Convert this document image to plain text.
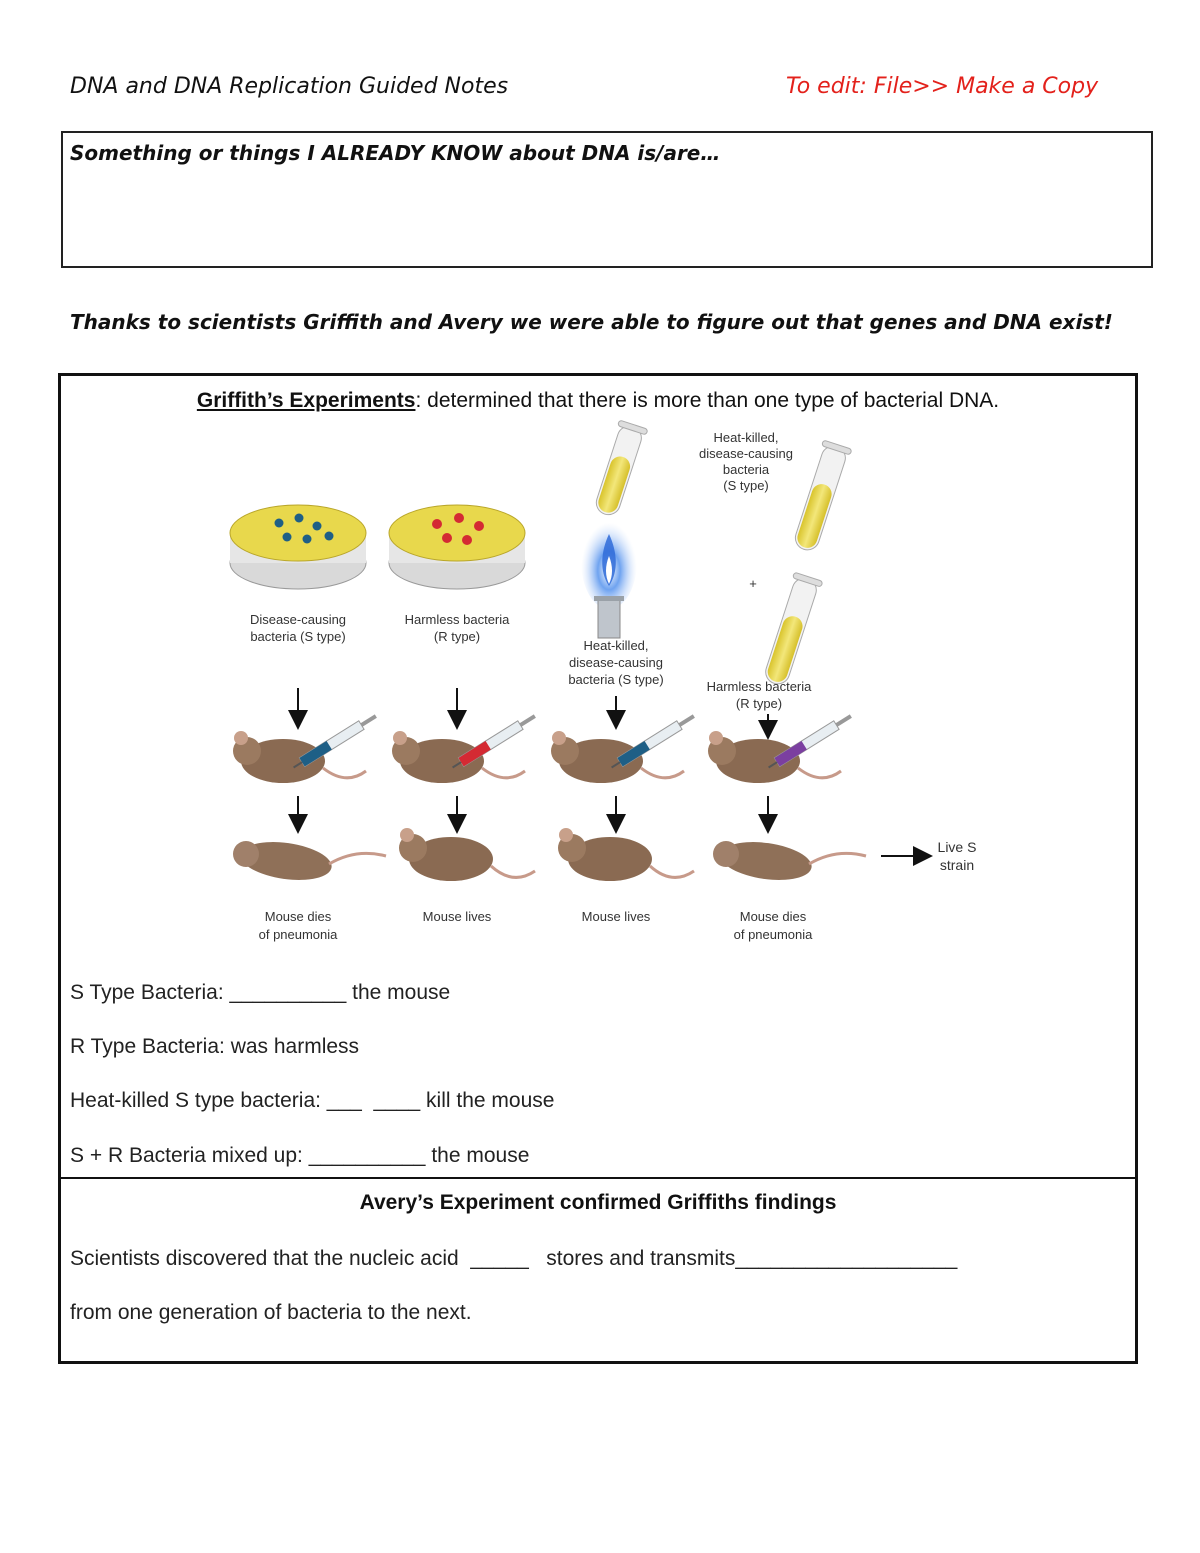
DNA and DNA Replication Guided Notes	To edit: File>> Make a Copy
Something or things I ALREADY KNOW about DNA is/are…
Thanks to scientists Griffith and Avery we were able to figure out that genes and DNA exist!
Griffith’s Experiments: determined that there is more than one type of bacterial DNA.
Disease-causing
bacteria (S type)
Harmless bacteria
(R type)
Heat-killed,
disease-causing
bacteria (S type)
Heat-killed,
disease-causing
bacteria
(S type)
+
Harmless bacteria
(R type)
Live S
strain
Mouse dies
of pneumonia
Mouse lives	Mouse lives	Mouse dies
of pneumonia
S Type Bacteria: __________ the mouse
R Type Bacteria: was harmless
Heat-killed S type bacteria: ___  ____ kill the mouse
S + R Bacteria mixed up: __________ the mouse
Avery’s Experiment confirmed Griffiths findings
Scientists discovered that the nucleic acid  _____   stores and transmits___________________
from one generation of bacteria to the next.
